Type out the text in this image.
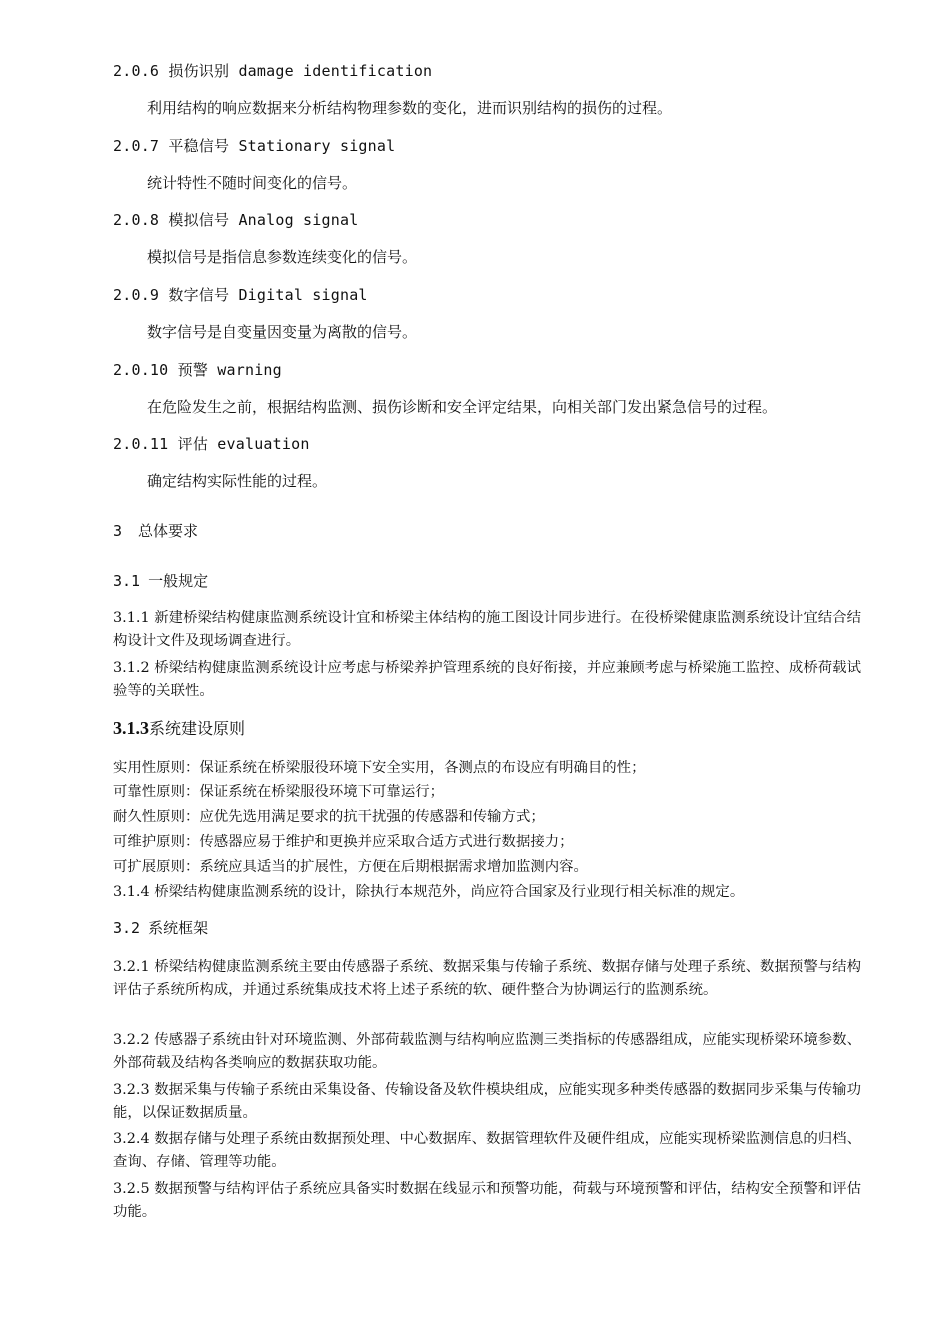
2.0.6 损伤识别 damage identification
利用结构的响应数据来分析结构物理参数的变化，进而识别结构的损伤的过程。
2.0.7 平稳信号 Stationary signal
统计特性不随时间变化的信号。
2.0.8 模拟信号 Analog signal
模拟信号是指信息参数连续变化的信号。
2.0.9 数字信号 Digital signal
数字信号是自变量因变量为离散的信号。
2.0.10 预警 warning
在危险发生之前，根据结构监测、损伤诊断和安全评定结果，向相关部门发出紧急信号的过程。
2.0.11 评估 evaluation
确定结构实际性能的过程。
3 总体要求
3.1 一般规定
3.1.1 新建桥梁结构健康监测系统设计宜和桥梁主体结构的施工图设计同步进行。在役桥梁健康监测系统设计宜结合结构设计文件及现场调查进行。
3.1.2 桥梁结构健康监测系统设计应考虑与桥梁养护管理系统的良好衔接，并应兼顾考虑与桥梁施工监控、成桥荷载试验等的关联性。
3.1.3系统建设原则
实用性原则：保证系统在桥梁服役环境下安全实用，各测点的布设应有明确目的性；
可靠性原则：保证系统在桥梁服役环境下可靠运行；
耐久性原则：应优先选用满足要求的抗干扰强的传感器和传输方式；
可维护原则：传感器应易于维护和更换并应采取合适方式进行数据接力；
可扩展原则：系统应具适当的扩展性，方便在后期根据需求增加监测内容。
3.1.4 桥梁结构健康监测系统的设计，除执行本规范外，尚应符合国家及行业现行相关标准的规定。
3.2 系统框架
3.2.1 桥梁结构健康监测系统主要由传感器子系统、数据采集与传输子系统、数据存储与处理子系统、数据预警与结构评估子系统所构成，并通过系统集成技术将上述子系统的软、硬件整合为协调运行的监测系统。
3.2.2 传感器子系统由针对环境监测、外部荷载监测与结构响应监测三类指标的传感器组成，应能实现桥梁环境参数、外部荷载及结构各类响应的数据获取功能。
3.2.3 数据采集与传输子系统由采集设备、传输设备及软件模块组成，应能实现多种类传感器的数据同步采集与传输功能，以保证数据质量。
3.2.4 数据存储与处理子系统由数据预处理、中心数据库、数据管理软件及硬件组成，应能实现桥梁监测信息的归档、查询、存储、管理等功能。
3.2.5 数据预警与结构评估子系统应具备实时数据在线显示和预警功能，荷载与环境预警和评估，结构安全预警和评估功能。
